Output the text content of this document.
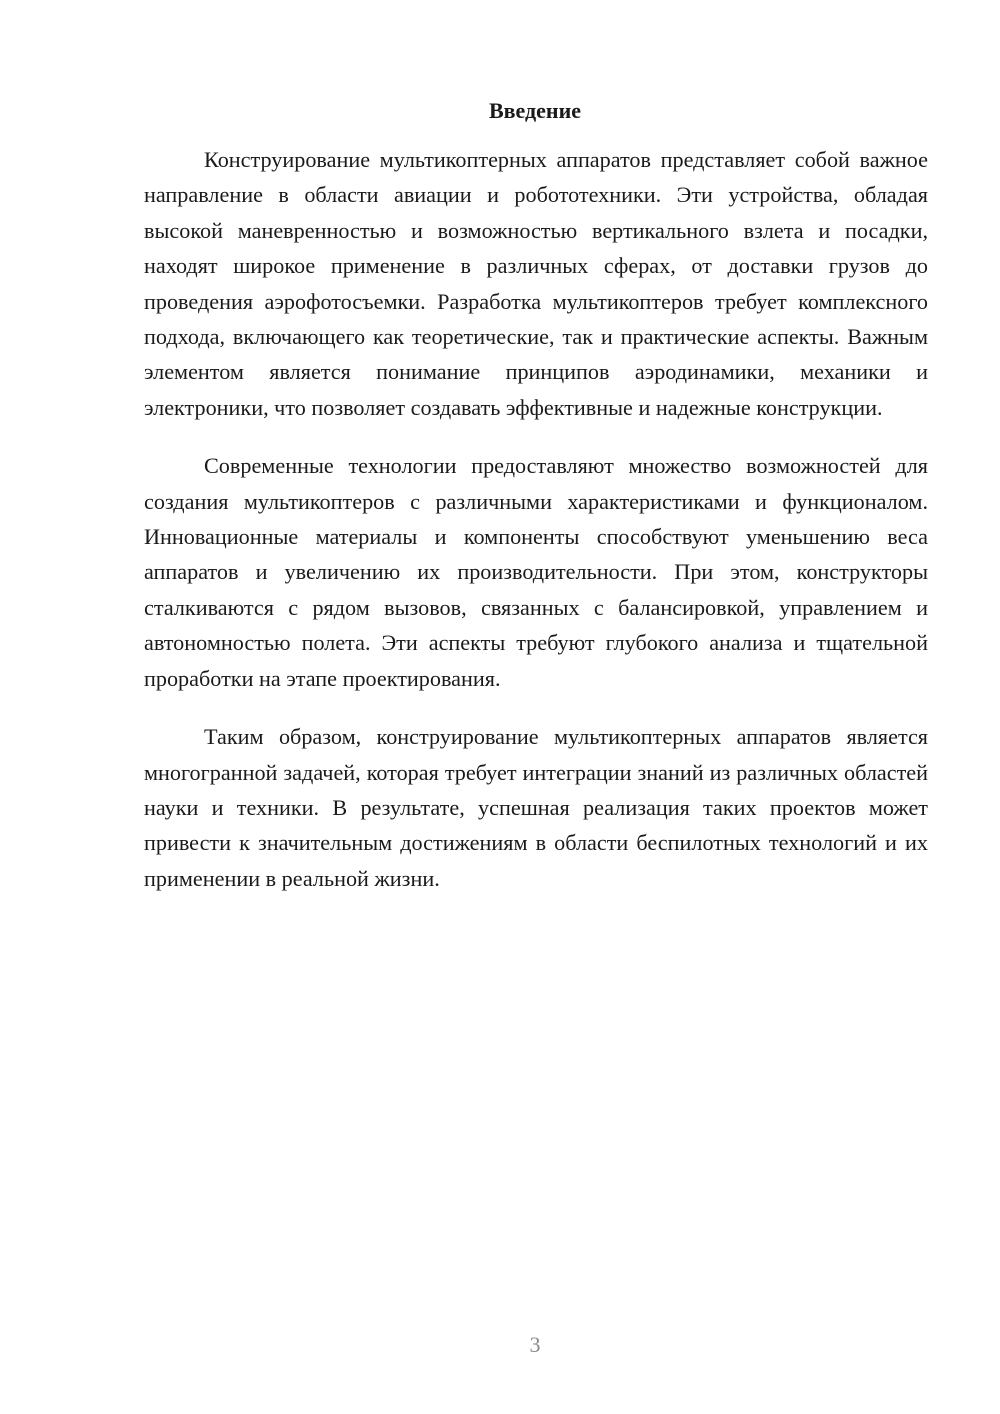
Введение

Конструирование мультикоптерных аппаратов представляет собой важное направление в области авиации и робототехники. Эти устройства, обладая высокой маневренностью и возможностью вертикального взлета и посадки, находят широкое применение в различных сферах, от доставки грузов до проведения аэрофотосъемки. Разработка мультикоптеров требует комплексного подхода, включающего как теоретические, так и практические аспекты. Важным элементом является понимание принципов аэродинамики, механики и электроники, что позволяет создавать эффективные и надежные конструкции.

Современные технологии предоставляют множество возможностей для создания мультикоптеров с различными характеристиками и функционалом. Инновационные материалы и компоненты способствуют уменьшению веса аппаратов и увеличению их производительности. При этом, конструкторы сталкиваются с рядом вызовов, связанных с балансировкой, управлением и автономностью полета. Эти аспекты требуют глубокого анализа и тщательной проработки на этапе проектирования.

Таким образом, конструирование мультикоптерных аппаратов является многогранной задачей, которая требует интеграции знаний из различных областей науки и техники. В результате, успешная реализация таких проектов может привести к значительным достижениям в области беспилотных технологий и их применении в реальной жизни.

3
